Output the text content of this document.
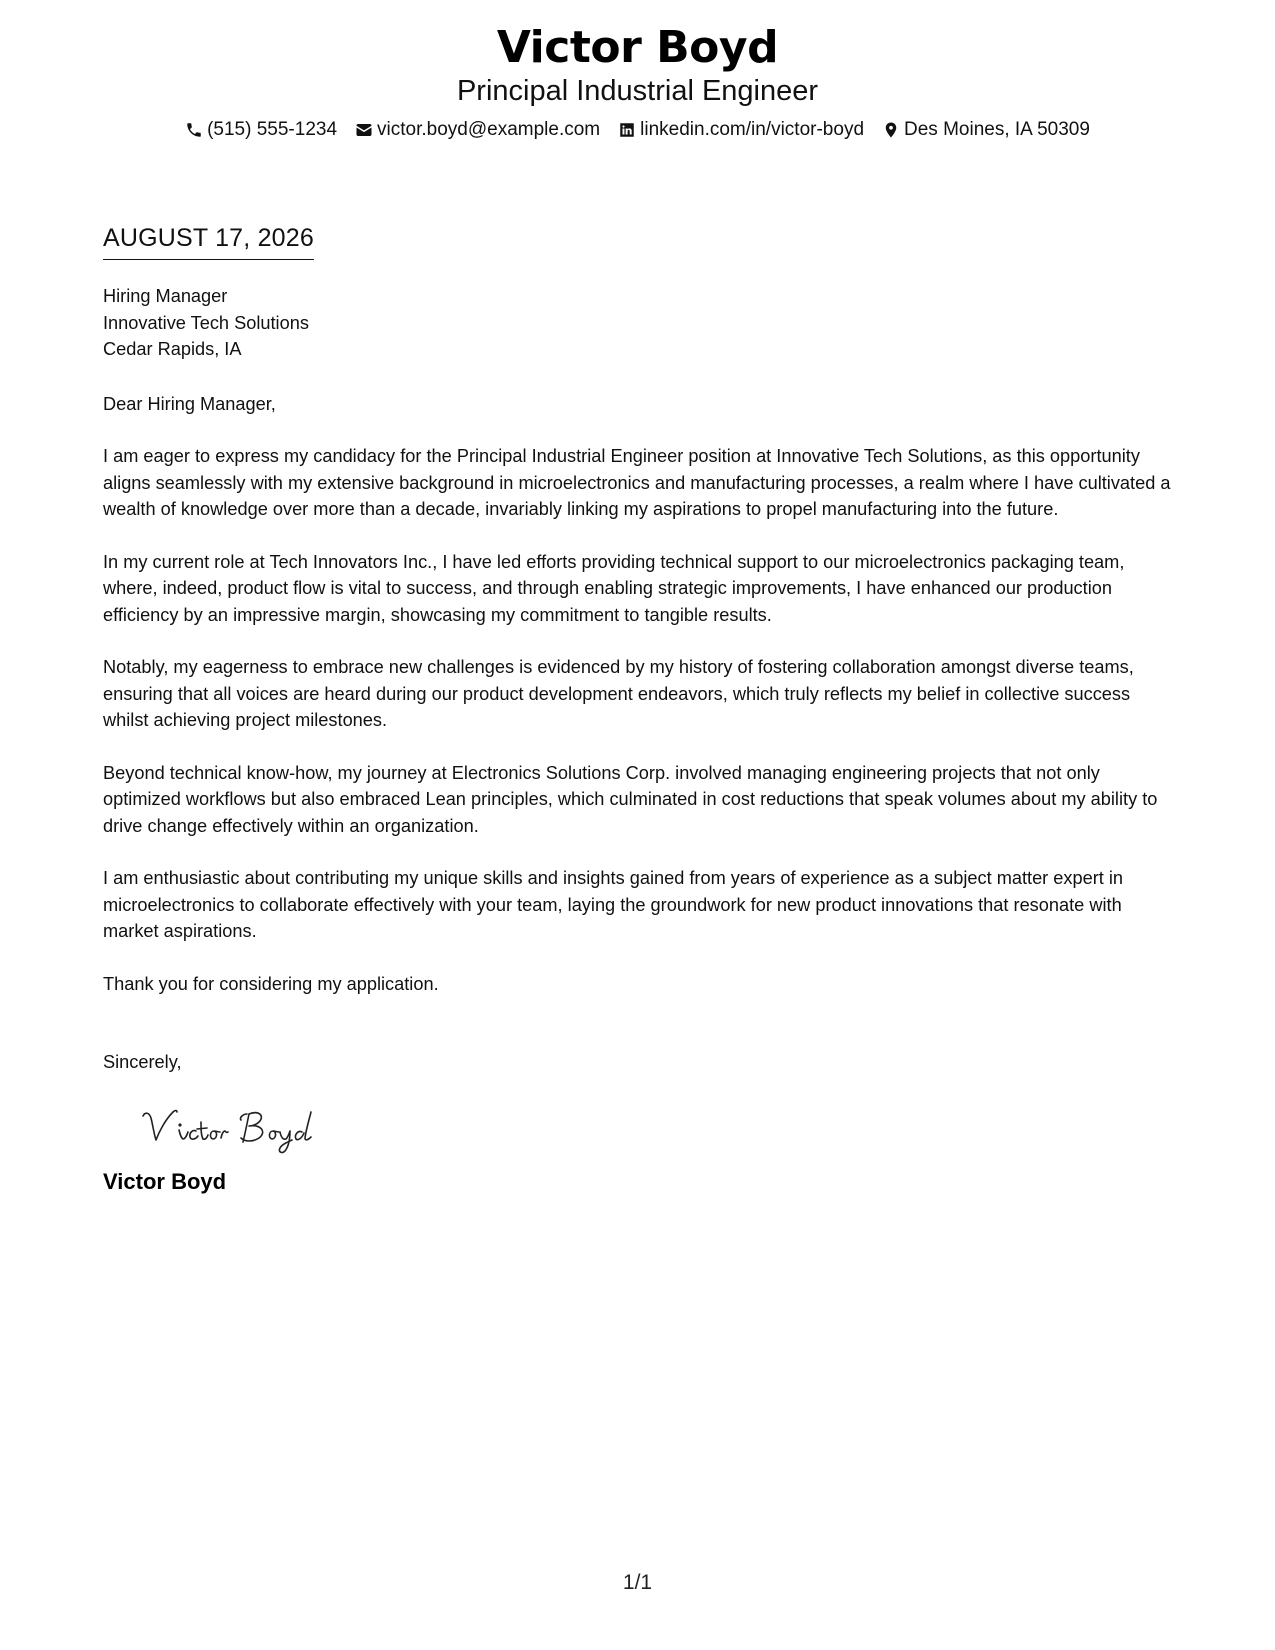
Victor Boyd
Principal Industrial Engineer
(515) 555-1234 victor.boyd@example.com linkedin.com/in/victor-boyd Des Moines, IA 50309
AUGUST 17, 2026
Hiring Manager
Innovative Tech Solutions
Cedar Rapids, IA
Dear Hiring Manager,

I am eager to express my candidacy for the Principal Industrial Engineer position at Innovative Tech Solutions, as this opportunity aligns seamlessly with my extensive background in microelectronics and manufacturing processes, a realm where I have cultivated a wealth of knowledge over more than a decade, invariably linking my aspirations to propel manufacturing into the future.

In my current role at Tech Innovators Inc., I have led efforts providing technical support to our microelectronics packaging team, where, indeed, product flow is vital to success, and through enabling strategic improvements, I have enhanced our production efficiency by an impressive margin, showcasing my commitment to tangible results.

Notably, my eagerness to embrace new challenges is evidenced by my history of fostering collaboration amongst diverse teams, ensuring that all voices are heard during our product development endeavors, which truly reflects my belief in collective success whilst achieving project milestones.

Beyond technical know-how, my journey at Electronics Solutions Corp. involved managing engineering projects that not only optimized workflows but also embraced Lean principles, which culminated in cost reductions that speak volumes about my ability to drive change effectively within an organization.

I am enthusiastic about contributing my unique skills and insights gained from years of experience as a subject matter expert in microelectronics to collaborate effectively with your team, laying the groundwork for new product innovations that resonate with market aspirations.

Thank you for considering my application.

Sincerely,
Victor Boyd
1/1
